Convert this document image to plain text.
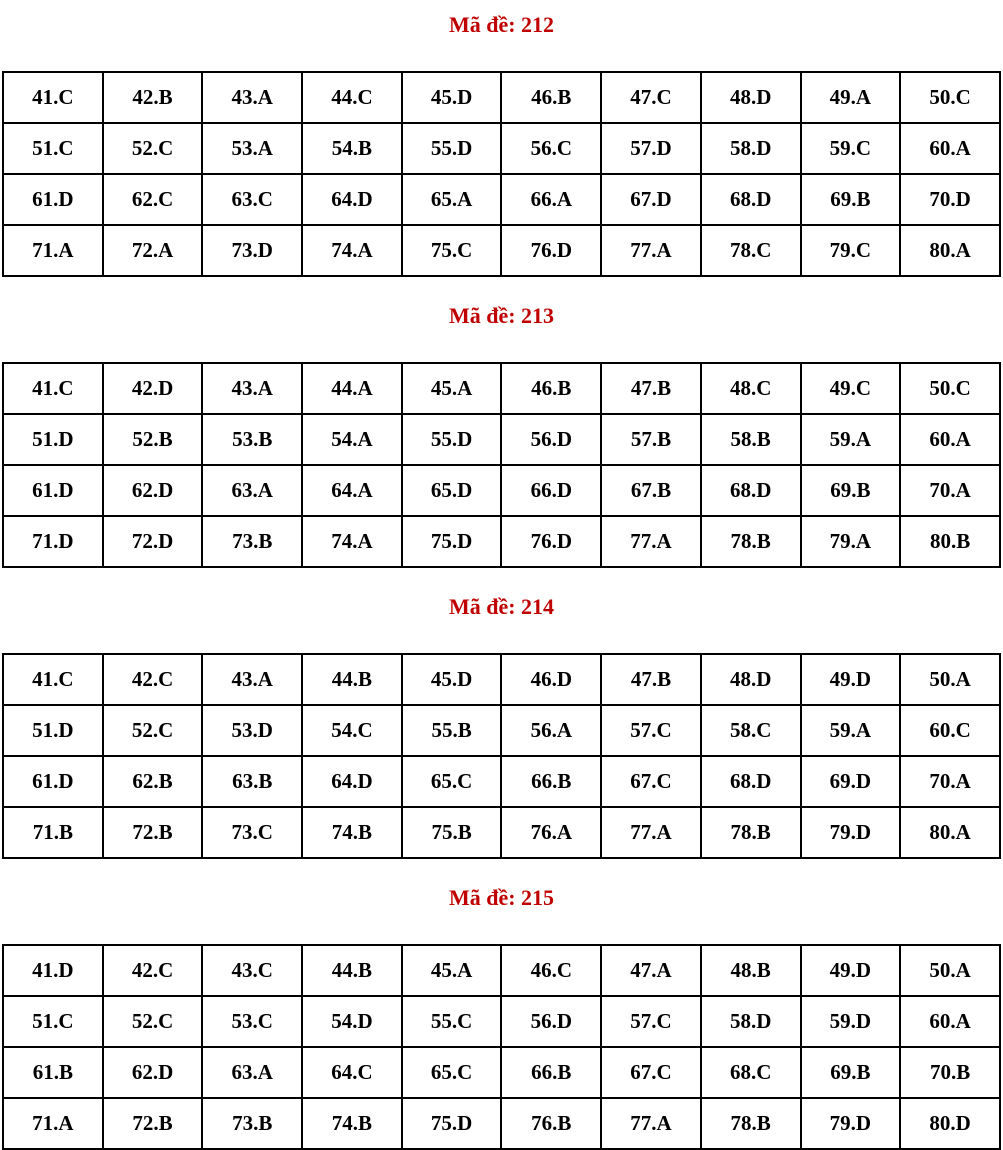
Mã đề: 212
41.C	42.B	43.A	44.C	45.D	46.B	47.C	48.D	49.A	50.C
51.C	52.C	53.A	54.B	55.D	56.C	57.D	58.D	59.C	60.A
61.D	62.C	63.C	64.D	65.A	66.A	67.D	68.D	69.B	70.D
71.A	72.A	73.D	74.A	75.C	76.D	77.A	78.C	79.C	80.A
Mã đề: 213
41.C	42.D	43.A	44.A	45.A	46.B	47.B	48.C	49.C	50.C
51.D	52.B	53.B	54.A	55.D	56.D	57.B	58.B	59.A	60.A
61.D	62.D	63.A	64.A	65.D	66.D	67.B	68.D	69.B	70.A
71.D	72.D	73.B	74.A	75.D	76.D	77.A	78.B	79.A	80.B
Mã đề: 214
41.C	42.C	43.A	44.B	45.D	46.D	47.B	48.D	49.D	50.A
51.D	52.C	53.D	54.C	55.B	56.A	57.C	58.C	59.A	60.C
61.D	62.B	63.B	64.D	65.C	66.B	67.C	68.D	69.D	70.A
71.B	72.B	73.C	74.B	75.B	76.A	77.A	78.B	79.D	80.A
Mã đề: 215
41.D	42.C	43.C	44.B	45.A	46.C	47.A	48.B	49.D	50.A
51.C	52.C	53.C	54.D	55.C	56.D	57.C	58.D	59.D	60.A
61.B	62.D	63.A	64.C	65.C	66.B	67.C	68.C	69.B	70.B
71.A	72.B	73.B	74.B	75.D	76.B	77.A	78.B	79.D	80.D
